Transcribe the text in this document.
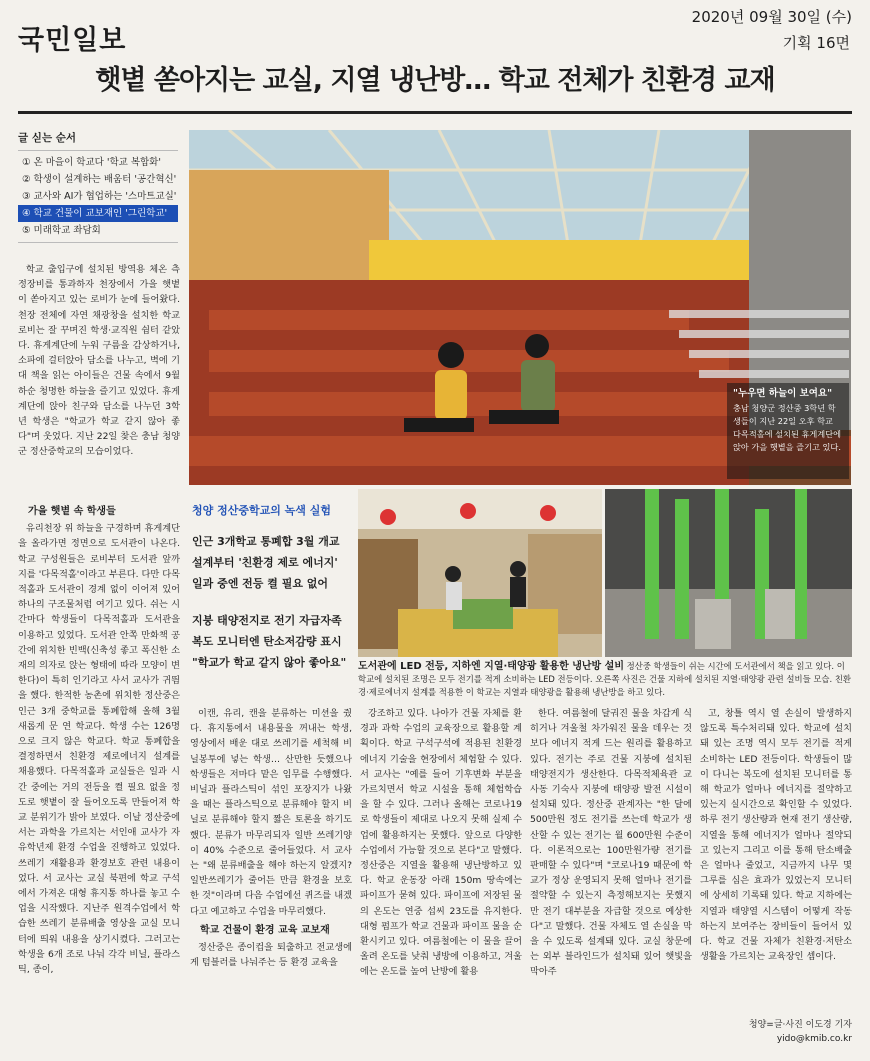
국민일보
2020년 09월 30일 (수)
기획 16면
햇볕 쏟아지는 교실, 지열 냉난방… 학교 전체가 친환경 교재
글 싣는 순서
① 온 마을이 학교다 '학교 복합화'
② 학생이 설계하는 배움터 '공간혁신'
③ 교사와 AI가 협업하는 '스마트교실'
④ 학교 건물이 교보재인 '그린학교'
⑤ 미래학교 좌담회
"누우면 하늘이 보여요"
충남 청양군 정산중 3학년 학생들이 지난 22일 오후 학교 다목적홀에 설치된 휴게계단에 앉아 가을 햇볕을 즐기고 있다.

학교 출입구에 설치된 방역용 체온 측정장비를 통과하자 천장에서 가을 햇볕이 쏟아지고 있는 로비가 눈에 들어왔다. 천장 전체에 자연 채광창을 설치한 학교 로비는 잘 꾸며진 학생·교직원 쉼터 같았다. 휴게계단에 누워 구름을 감상하거나, 소파에 걸터앉아 담소를 나누고, 벽에 기대 책을 읽는 아이들은 건물 속에서 9월 하순 청명한 하늘을 즐기고 있었다. 휴게계단에 앉아 친구와 담소를 나누던 3학년 학생은 "학교가 학교 같지 않아 좋다"며 웃었다. 지난 22일 찾은 충남 청양군 정산중학교의 모습이었다.

가을 햇볕 속 학생들

유리천장 위 하늘을 구경하며 휴게계단을 올라가면 정면으로 도서관이 나온다. 학교 구성원들은 로비부터 도서관 앞까지를 '다목적홀'이라고 부른다. 다만 다목적홀과 도서관이 경계 없이 이어져 있어 하나의 구조물처럼 여기고 있다. 쉬는 시간마다 학생들이 다목적홀과 도서관을 이용하고 있었다. 도서관 안쪽 만화책 공간에 위치한 빈백(신축성 좋고 폭신한 소재의 의자로 앉는 형태에 따라 모양이 변한다)이 특히 인기라고 사서 교사가 귀띔을 했다. 한적한 농촌에 위치한 정산중은 인근 3개 중학교를 통폐합해 올해 3월 새롭게 문 연 학교다. 학생 수는 126명으로 크지 않은 학교다. 학교 통폐합을 결정하면서 친환경 제로에너지 설계를 채용했다. 다목적홀과 교실들은 일과 시간 중에는 거의 전등을 켤 필요 없을 정도로 햇볕이 잘 들어오도록 만들어져 학교 분위기가 밝아 보였다. 이날 정산중에서는 과학을 가르치는 서인애 교사가 자유학년제 환경 수업을 진행하고 있었다. 쓰레기 재활용과 환경보호 관련 내용이었다. 서 교사는 교실 북편에 학교 구석에서 가져온 대형 휴지통 하나를 놓고 수업을 시작했다. 지난주 원격수업에서 학습한 쓰레기 분류배출 영상을 교실 모니터에 띄워 내용을 상기시켰다. 그러고는 학생을 6개 조로 나눠 각각 비닐, 플라스틱, 종이,

청양 정산중학교의 녹색 실험
인근 3개학교 통폐합 3월 개교 설계부터 '친환경 제로 에너지' 일과 중엔 전등 켤 필요 없어
지붕 태양전지로 전기 자급자족 복도 모니터엔 탄소저감량 표시 "학교가 학교 같지 않아 좋아요"	도서관에 LED 전등, 지하엔 지열·태양광 활용한 냉난방 설비 정산중 학생들이 쉬는 시간에 도서관에서 책을 읽고 있다. 이 학교에 설치된 조명은 모두 전기를 적게 소비하는 LED 전등이다. 오른쪽 사진은 건물 지하에 설치된 지열·태양광 관련 설비들 모습. 친환경·제로에너지 설계를 적용한 이 학교는 지열과 태양광을 활용해 냉난방을 하고 있다.

이캔, 유리, 캔을 분류하는 미션을 줬다. 휴지통에서 내용물을 꺼내는 학생, 영상에서 배운 대로 쓰레기를 세척해 비닐봉투에 넣는 학생… 산만한 듯했으나 학생들은 저마다 맡은 임무를 수행했다. 비닐과 플라스틱이 섞인 포장지가 나왔을 때는 플라스틱으로 분류해야 할지 비닐로 분류해야 할지 짧은 토론을 하기도 했다. 분류가 마무리되자 일반 쓰레기양이 40% 수준으로 줄어들었다. 서 교사는 "왜 분류배출을 해야 하는지 알겠지? 일반쓰레기가 줄어든 만큼 환경을 보호한 것"이라며 다음 수업에선 퀴즈를 내겠다고 예고하고 수업을 마무리했다.

학교 건물이 환경 교육 교보재

정산중은 종이컵을 퇴출하고 전교생에게 텀블러를 나눠주는 등 환경 교육을

강조하고 있다. 나아가 건물 자체를 환경과 과학 수업의 교육장으로 활용할 계획이다. 학교 구석구석에 적용된 친환경 에너지 기술을 현장에서 체험할 수 있다. 서 교사는 "예를 들어 기후변화 부분을 가르치면서 학교 시설을 통해 체험학습을 할 수 있다. 그러나 올해는 코로나19로 학생들이 제대로 나오지 못해 실제 수업에 활용하지는 못했다. 앞으로 다양한 수업에서 가능할 것으로 본다"고 말했다. 정산중은 지열을 활용해 냉난방하고 있다. 학교 운동장 아래 150m 땅속에는 파이프가 묻혀 있다. 파이프에 저장된 물의 온도는 연중 섭씨 23도를 유지한다. 대형 펌프가 학교 건물과 파이프 물을 순환시키고 있다. 여름철에는 이 물을 끌어올려 온도를 낮춰 냉방에 이용하고, 겨울에는 온도를 높여 난방에 활용

한다. 여름철에 달궈진 물을 차갑게 식히거나 겨울철 차가워진 물을 데우는 것보다 에너지 적게 드는 원리를 활용하고 있다. 전기는 주로 건물 지붕에 설치된 태양전지가 생산한다. 다목적체육관 교사동 기숙사 지붕에 태양광 발전 시설이 설치돼 있다. 정산중 관계자는 "한 달에 500만원 정도 전기를 쓰는데 학교가 생산할 수 있는 전기는 월 600만원 수준이다. 이론적으로는 100만원가량 전기를 판매할 수 있다"며 "코로나19 때문에 학교가 정상 운영되지 못해 얼마나 전기를 절약할 수 있는지 측정해보지는 못했지만 전기 대부분을 자급할 것으로 예상한다"고 말했다. 건물 자체도 열 손실을 막을 수 있도록 설계돼 있다. 교실 창문에는 외부 블라인드가 설치돼 있어 햇빛을 막아주

고, 창틀 역시 열 손실이 발생하지 않도록 특수처리돼 있다. 학교에 설치돼 있는 조명 역시 모두 전기를 적게 소비하는 LED 전등이다. 학생들이 많이 다니는 복도에 설치된 모니터를 통해 학교가 얼마나 에너지를 절약하고 있는지 실시간으로 확인할 수 있었다. 하루 전기 생산량과 현재 전기 생산량, 지열을 통해 에너지가 얼마나 절약되고 있는지 그리고 이를 통해 탄소배출은 얼마나 줄었고, 지금까지 나무 몇 그루를 심은 효과가 있었는지 모니터에 상세히 기록돼 있다. 학교 지하에는 지열과 태양열 시스템이 어떻게 작동하는지 보여주는 장비들이 들어서 있다. 학교 건물 자체가 친환경·저탄소 생활을 가르치는 교육장인 셈이다.

청양=글·사진 이도경 기자
yido@kmib.co.kr
